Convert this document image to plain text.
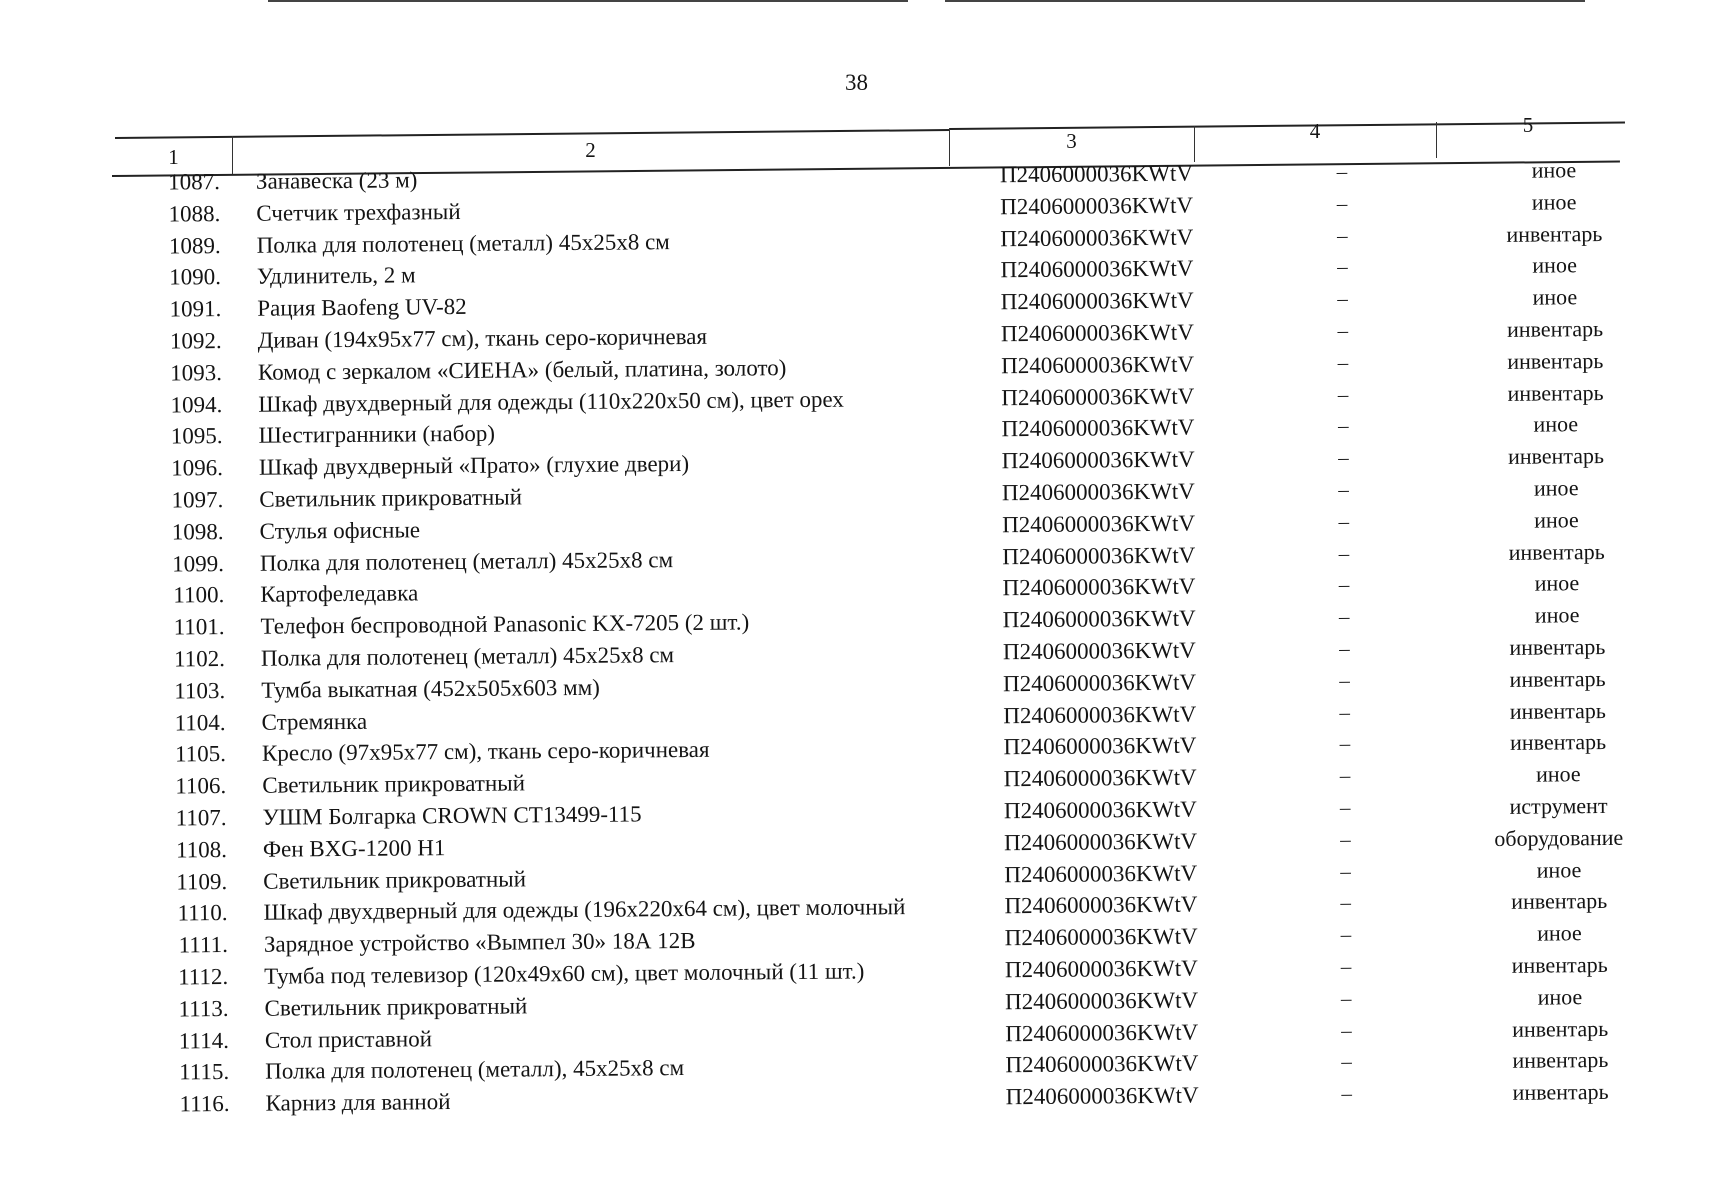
38
1	2	3	4	5
1087. Занавеска (23 м)	П2406000036KWtV	–	иное
1088. Счетчик трехфазный	П2406000036KWtV	–	иное
1089. Полка для полотенец (металл) 45х25х8 см	П2406000036KWtV	–	инвентарь
1090. Удлинитель, 2 м	П2406000036KWtV	–	иное
1091. Рация Baofeng UV-82	П2406000036KWtV	–	иное
1092. Диван (194х95х77 см), ткань серо-коричневая	П2406000036KWtV	–	инвентарь
1093. Комод с зеркалом «СИЕНА» (белый, платина, золото)	П2406000036KWtV	–	инвентарь
1094. Шкаф двухдверный для одежды (110х220х50 см), цвет орех	П2406000036KWtV	–	инвентарь
1095. Шестигранники (набор)	П2406000036KWtV	–	иное
1096. Шкаф двухдверный «Прато» (глухие двери)	П2406000036KWtV	–	инвентарь
1097. Светильник прикроватный	П2406000036KWtV	–	иное
1098. Стулья офисные	П2406000036KWtV	–	иное
1099. Полка для полотенец (металл) 45х25х8 см	П2406000036KWtV	–	инвентарь
1100. Картофеледавка	П2406000036KWtV	–	иное
1101. Телефон беспроводной Panasonic KX-7205 (2 шт.)	П2406000036KWtV	–	иное
1102. Полка для полотенец (металл) 45х25х8 см	П2406000036KWtV	–	инвентарь
1103. Тумба выкатная (452х505х603 мм)	П2406000036KWtV	–	инвентарь
1104. Стремянка	П2406000036KWtV	–	инвентарь
1105. Кресло (97х95х77 см), ткань серо-коричневая	П2406000036KWtV	–	инвентарь
1106. Светильник прикроватный	П2406000036KWtV	–	иное
1107. УШМ Болгарка CROWN CT13499-115	П2406000036KWtV	–	иструмент
1108. Фен BXG-1200 H1	П2406000036KWtV	–	оборудование
1109. Светильник прикроватный	П2406000036KWtV	–	иное
1110. Шкаф двухдверный для одежды (196х220х64 см), цвет молочный	П2406000036KWtV	–	инвентарь
1111. Зарядное устройство «Вымпел 30» 18А 12В	П2406000036KWtV	–	иное
1112. Тумба под телевизор (120х49х60 см), цвет молочный (11 шт.)	П2406000036KWtV	–	инвентарь
1113. Светильник прикроватный	П2406000036KWtV	–	иное
1114. Стол приставной	П2406000036KWtV	–	инвентарь
1115. Полка для полотенец (металл), 45х25х8 см	П2406000036KWtV	–	инвентарь
1116. Карниз для ванной	П2406000036KWtV	–	инвентарь
